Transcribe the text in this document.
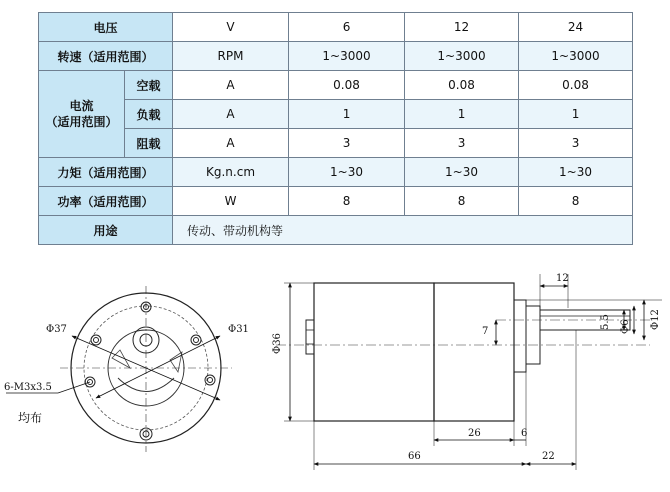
电压		V	6	12	24
转速（适用范围）		RPM	1~3000	1~3000	1~3000

电流
（适用范围）	空载	A	0.08	0.08	0.08
	负载	A	1	1	1
	阻载	A	3	3	3
力矩（适用范围）		Kg.n.cm	1~30	1~30	1~30
功率（适用范围）		W	8	8	8
用途		传动、带动机构等			
Φ37	Φ31
6-M3x3.5
均布
Φ36
7
5.5 Φ6 Φ12
12
26	6
66	22
